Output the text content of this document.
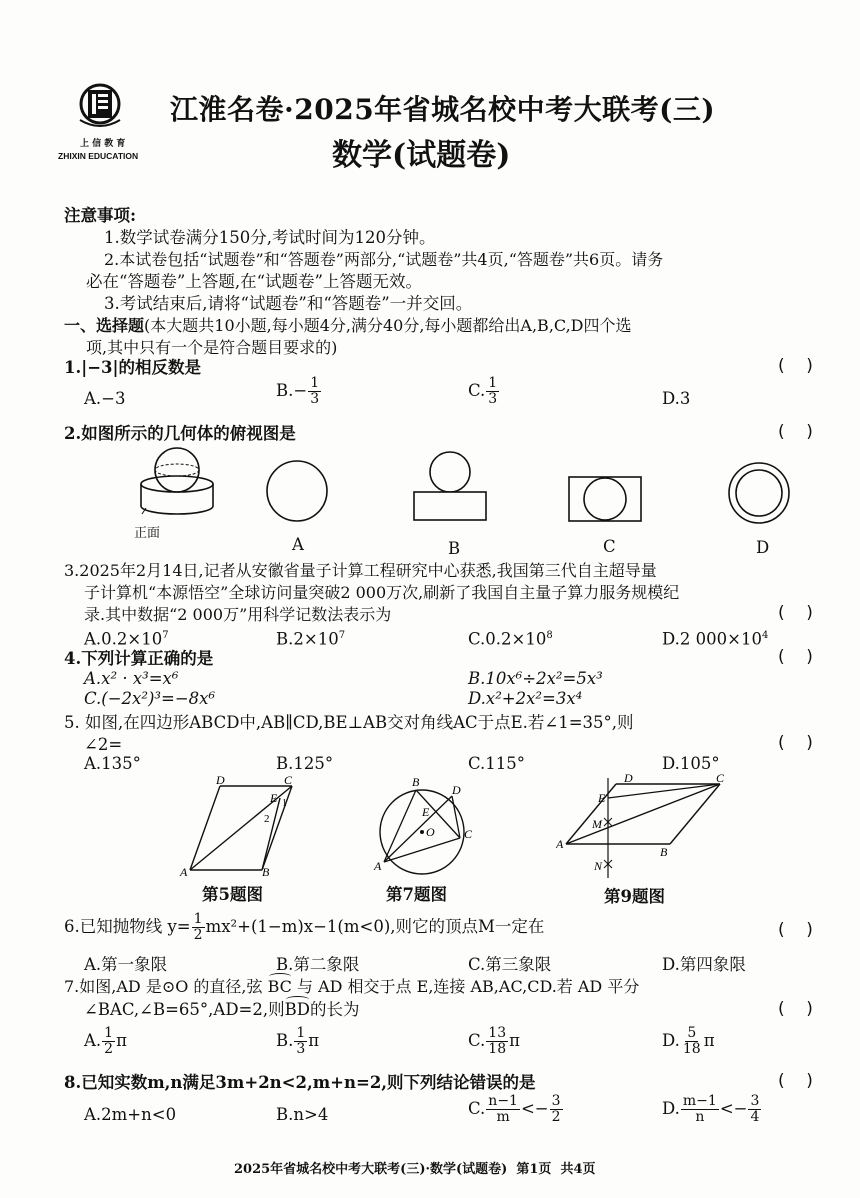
上 信 教 育
ZHIXIN EDUCATION
江淮名卷·2025年省城名校中考大联考(三)
数学(试题卷)
注意事项:
1.数学试卷满分150分,考试时间为120分钟。
2.本试卷包括“试题卷”和“答题卷”两部分,“试题卷”共4页,“答题卷”共6页。请务
必在“答题卷”上答题,在“试题卷”上答题无效。
3.考试结束后,请将“试题卷”和“答题卷”一并交回。
一、选择题(本大题共10小题,每小题4分,满分40分,每小题都给出A,B,C,D四个选
项,其中只有一个是符合题目要求的)
1.|−3|的相反数是	(    )
A.−3	$B.- \frac{1}{3}$	C. $\frac{1}{3}$	D.3
2.如图所示的几何体的俯视图是	(    )
正面
A	B	C	D
3.2025年2月14日,记者从安徽省量子计算工程研究中心获悉,我国第三代自主超导量
子计算机“本源悟空”全球访问量突破2 000万次,刷新了我国自主量子算力服务规模纪
录.其中数据“2 000万”用科学记数法表示为	(    )
$A.0.2\times 10^7$	$B.2\times 10^7$	$C.0.2\times 10^8$	D.2 $000\times 10^4$
4.下列计算正确的是	(    )
A.x² · x³=x⁶	B.10x⁶÷2x²=5x³
C.(−2x²)³=−8x⁶	D.x²+2x²=3x⁴
5. 如图,在四边形ABCD中,AB∥CD,BE⊥AB交对角线AC于点E.若∠1=35°,则
∠2=	(    )
A.135°	B.125°	C.115°	D.105°
D	C
E 1
2
A	B
B
D
E
O C
A
D	C
E
M
A
B
N
第5题图	第7题图	第9题图
6.已知抛物线 $y= \frac{1}{2} mx^2+(1-m)x-1(m<0)$,则它的顶点M一定在	(    )
A.第一象限	B.第二象限	C.第三象限	D.第四象限
7.如图,AD 是⊙O 的直径,弦 BC 与 AD 相交于点 E,连接 AB,AC,CD.若 AD 平分
∠BAC,∠B=65°,AD=2,则BD的长为	(    )
A. $\frac{1}{2}$ π	B. $\frac{1}{3}$ π	C. $\frac{13}{18}$ π	D. $\frac{5}{18}$ π
8.已知实数m,n满足3m+2n<2,m+n=2,则下列结论错误的是	(    )
A.2m+n<0	B.n>4	C. $\frac{n-1}{m} <- \frac{3}{2}$	D. $\frac{m-1}{n} <- \frac{3}{4}$
2025年省城名校中考大联考(三)·数学(试题卷)  第1页  共4页
